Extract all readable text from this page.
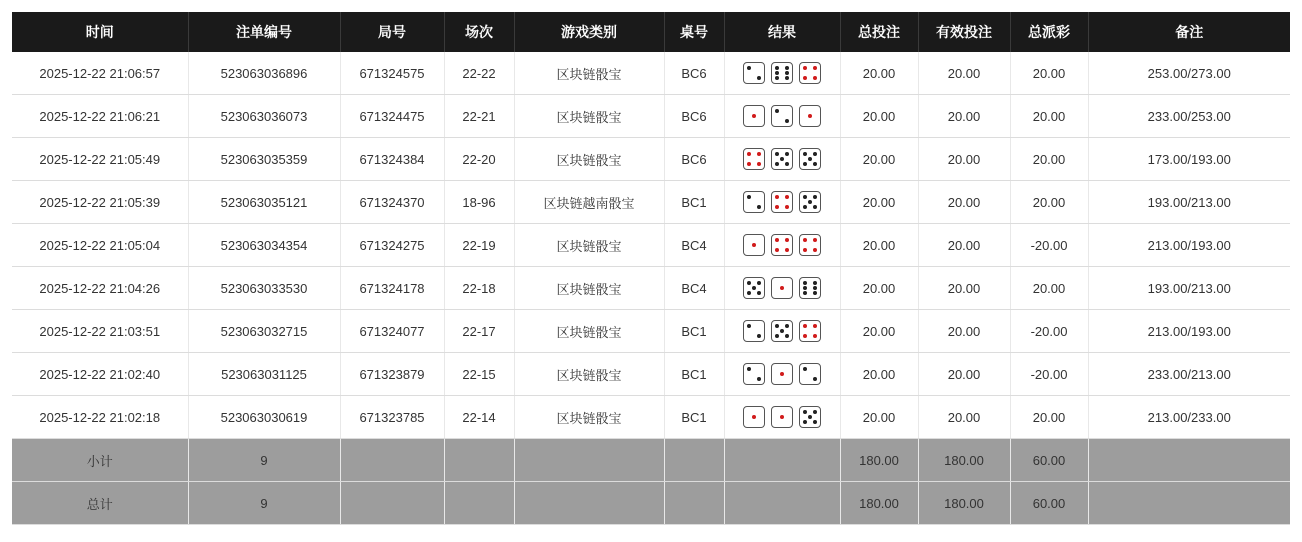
时间	注单编号	局号	场次	游戏类别	桌号	结果	总投注	有效投注	总派彩	备注
2025-12-22 21:06:57	523063036896	671324575	22-22	区块链骰宝	BC6		20.00	20.00	20.00	253.00/273.00
2025-12-22 21:06:21	523063036073	671324475	22-21	区块链骰宝	BC6		20.00	20.00	20.00	233.00/253.00
2025-12-22 21:05:49	523063035359	671324384	22-20	区块链骰宝	BC6		20.00	20.00	20.00	173.00/193.00
2025-12-22 21:05:39	523063035121	671324370	18-96	区块链越南骰宝	BC1		20.00	20.00	20.00	193.00/213.00
2025-12-22 21:05:04	523063034354	671324275	22-19	区块链骰宝	BC4		20.00	20.00	-20.00	213.00/193.00
2025-12-22 21:04:26	523063033530	671324178	22-18	区块链骰宝	BC4		20.00	20.00	20.00	193.00/213.00
2025-12-22 21:03:51	523063032715	671324077	22-17	区块链骰宝	BC1		20.00	20.00	-20.00	213.00/193.00
2025-12-22 21:02:40	523063031125	671323879	22-15	区块链骰宝	BC1		20.00	20.00	-20.00	233.00/213.00
2025-12-22 21:02:18	523063030619	671323785	22-14	区块链骰宝	BC1		20.00	20.00	20.00	213.00/233.00
小计	9						180.00	180.00	60.00	
总计	9						180.00	180.00	60.00	
